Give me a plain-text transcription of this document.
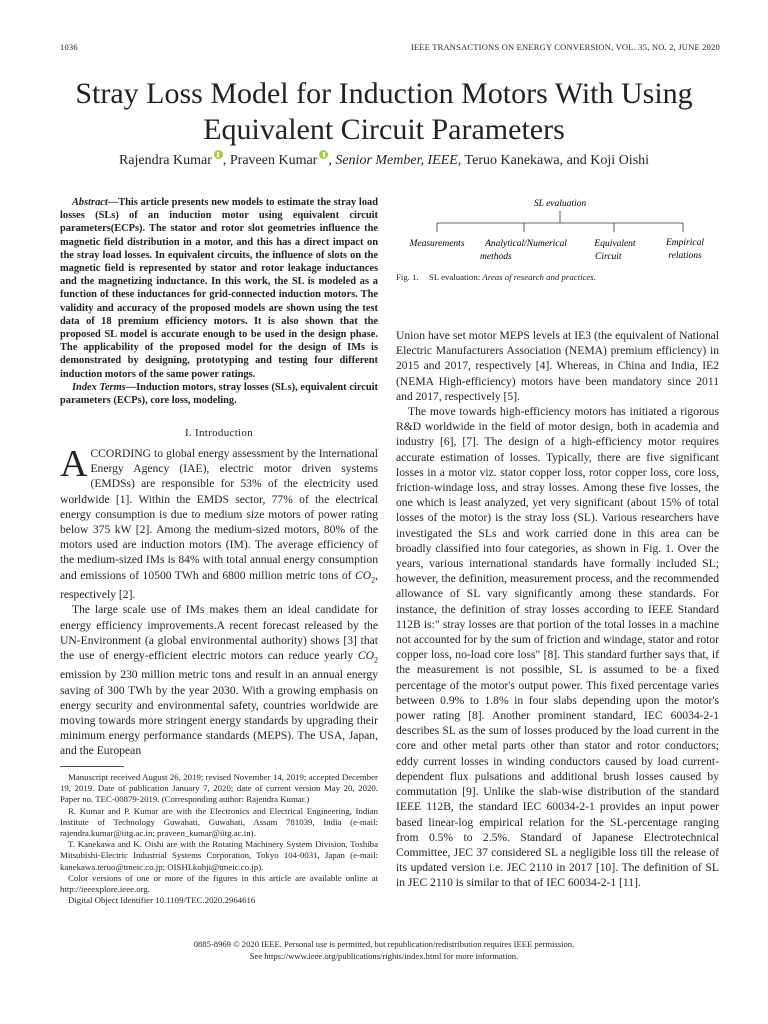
1036	IEEE TRANSACTIONS ON ENERGY CONVERSION, VOL. 35, NO. 2, JUNE 2020
Stray Loss Model for Induction Motors With Using
Equivalent Circuit Parameters
Rajendra Kumar , Praveen Kumar , Senior Member, IEEE, Teruo Kanekawa, and Koji Oishi
Abstract—This article presents new models to estimate the stray load losses (SLs) of an induction motor using equivalent circuit parameters(ECPs). The stator and rotor slot geometries influence the magnetic field distribution in a motor, and this has a direct impact on the stray load losses. In equivalent circuits, the influence of slots on the magnetic field is represented by stator and rotor leakage inductances and the magnetizing inductance. In this work, the SL is modeled as a function of these inductances for grid-connected induction motors. The validity and accuracy of the proposed models are shown using the test data of 18 premium efficiency motors. It is also shown that the proposed SL model is accurate enough to be used in the design phase. The applicability of the proposed model for the design of IMs is demonstrated by designing, prototyping and testing four different induction motors of the same power ratings.
Index Terms—Induction motors, stray losses (SLs), equivalent circuit parameters (ECPs), core loss, modeling.
I. Introduction

ACCORDING to global energy assessment by the International Energy Agency (IAE), electric motor driven systems (EMDSs) are responsible for 53% of the electricity used worldwide [1]. Within the EMDS sector, 77% of the electrical energy consumption is due to medium size motors of power rating below 375 kW [2]. Among the medium-sized motors, 80% of the motors used are induction motors (IM). The average efficiency of the medium-sized IMs is 84% with total annual energy consumption and emissions of 10500 TWh and 6800 million metric tons of $CO_2$, respectively [2].

The large scale use of IMs makes them an ideal candidate for energy efficiency improvements.A recent forecast released by the UN-Environment (a global environmental authority) shows [3] that the use of energy-efficient electric motors can reduce yearly $CO_2$ emission by 230 million metric tons and result in an annual energy saving of 300 TWh by the year 2030. With a growing emphasis on energy security and environmental safety, countries worldwide are moving towards more stringent energy standards by upgrading their minimum energy performance standards (MEPS). The USA, Japan, and the European

Manuscript received August 26, 2019; revised November 14, 2019; accepted December 19, 2019. Date of publication January 7, 2020; date of current version May 20, 2020. Paper no. TEC-00879-2019. (Corresponding author: Rajendra Kumar.)

R. Kumar and P. Kumar are with the Electronics and Electrical Engineering, Indian Institute of Technology Guwahati, Guwahati, Assam 781039, India (e-mail: rajendra.kumar@iitg.ac.in; praveen_kumar@iitg.ac.in).

T. Kanekawa and K. Oishi are with the Rotating Machinery System Division, Toshiba Mitsubishi-Electric Industrial Systems Corporation, Tokyo 104-0031, Japan (e-mail: kanekawa.teruo@tmeic.co.jp; OISHI.kohji@tmeic.co.jp).

Color versions of one or more of the figures in this article are available online at http://ieeexplore.ieee.org.

Digital Object Identifier 10.1109/TEC.2020.2964616

SL evaluation
Measurements Analytical/Numerical
methods
Equivalent
Circuit
Empirical
relations
Fig. 1. SL evaluation: Areas of research and practices.

Union have set motor MEPS levels at IE3 (the equivalent of National Electric Manufacturers Association (NEMA) premium efficiency) in 2015 and 2017, respectively [4]. Whereas, in China and India, IE2 (NEMA High-efficiency) motors have been mandatory since 2011 and 2017, respectively [5].

The move towards high-efficiency motors has initiated a rigorous R&D worldwide in the field of motor design, both in academia and industry [6], [7]. The design of a high-efficiency motor requires accurate estimation of losses. Typically, there are five significant losses in a motor viz. stator copper loss, rotor copper loss, core loss, friction-windage loss, and stray losses. Among these five losses, the one which is least analyzed, yet very significant (about 15% of total losses of the motor) is the stray loss (SL). Various researchers have investigated the SLs and work carried done in this area can be broadly classified into four categories, as shown in Fig. 1. Over the years, various international standards have formally included SL; however, the definition, measurement process, and the recommended allowance of SL vary significantly among these standards. For instance, the definition of stray losses according to IEEE Standard 112B is:" stray losses are that portion of the total losses in a machine not accounted for by the sum of friction and windage, stator and rotor copper loss, no-load core loss" [8]. This standard further says that, if the measurement is not possible, SL is assumed to be a fixed percentage of the motor's output power. This fixed percentage varies between 0.9% to 1.8% in four slabs depending upon the motor's power rating [8]. Another prominent standard, IEC 60034-2-1 describes SL as the sum of losses produced by the load current in the core and other metal parts other than stator and rotor conductors; eddy current losses in winding conductors caused by load current-dependent flux pulsations and additional brush losses caused by commutation [9]. Unlike the slab-wise distribution of the standard IEEE 112B, the standard IEC 60034-2-1 provides an input power based linear-log empirical relation for the SL-percentage ranging from 0.5% to 2.5%. Standard of Japanese Electrotechnical Committee, JEC 37 considered SL a negligible loss till the release of its updated version i.e. JEC 2110 in 2017 [10]. The definition of SL in JEC 2110 is similar to that of IEC 60034-2-1 [11].

0885-8969 © 2020 IEEE. Personal use is permitted, but republication/redistribution requires IEEE permission.
See https://www.ieee.org/publications/rights/index.html for more information.
